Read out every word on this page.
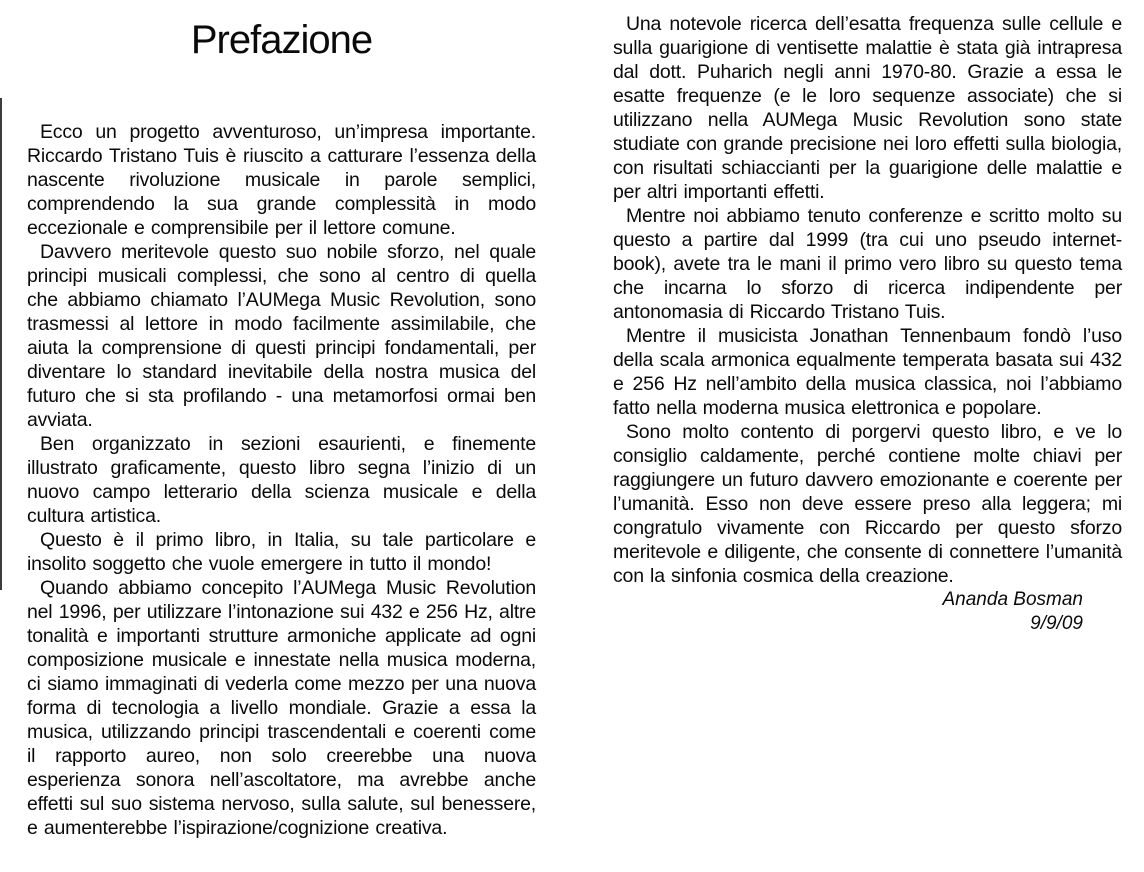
Prefazione

Ecco un progetto avventuroso, un’impresa importante. Riccardo Tristano Tuis è riuscito a catturare l’essenza della nascente rivoluzione musicale in parole semplici, comprendendo la sua grande complessità in modo eccezionale e comprensibile per il lettore comune.

Davvero meritevole questo suo nobile sforzo, nel quale principi musicali complessi, che sono al centro di quella che abbiamo chiamato l’AUMega Music Revolution, sono trasmessi al lettore in modo facilmente assimilabile, che aiuta la comprensione di questi principi fondamentali, per diventare lo standard inevitabile della nostra musica del futuro che si sta profilando - una metamorfosi ormai ben avviata.

Ben organizzato in sezioni esaurienti, e finemente illustrato graficamente, questo libro segna l’inizio di un nuovo campo letterario della scienza musicale e della cultura artistica.

Questo è il primo libro, in Italia, su tale particolare e insolito soggetto che vuole emergere in tutto il mondo!

Quando abbiamo concepito l’AUMega Music Revolution nel 1996, per utilizzare l’intonazione sui 432 e 256 Hz, altre tonalità e importanti strutture armoniche applicate ad ogni composizione musicale e innestate nella musica moderna, ci siamo immaginati di vederla come mezzo per una nuova forma di tecnologia a livello mondiale. Grazie a essa la musica, utilizzando principi trascendentali e coerenti come il rapporto aureo, non solo creerebbe una nuova esperienza sonora nell’ascoltatore, ma avrebbe anche effetti sul suo sistema nervoso, sulla salute, sul benessere, e aumenterebbe l’ispirazione/cognizione creativa.

Una notevole ricerca dell’esatta frequenza sulle cellule e sulla guarigione di ventisette malattie è stata già intrapresa dal dott. Puharich negli anni 1970-80. Grazie a essa le esatte frequenze (e le loro sequenze associate) che si utilizzano nella AUMega Music Revolution sono state studiate con grande precisione nei loro effetti sulla biologia, con risultati schiaccianti per la guarigione delle malattie e per altri importanti effetti.

Mentre noi abbiamo tenuto conferenze e scritto molto su questo a partire dal 1999 (tra cui uno pseudo internet-book), avete tra le mani il primo vero libro su questo tema che incarna lo sforzo di ricerca indipendente per antonomasia di Riccardo Tristano Tuis.

Mentre il musicista Jonathan Tennenbaum fondò l’uso della scala armonica equalmente temperata basata sui 432 e 256 Hz nell’ambito della musica classica, noi l’abbiamo fatto nella moderna musica elettronica e popolare.

Sono molto contento di porgervi questo libro, e ve lo consiglio caldamente, perché contiene molte chiavi per raggiungere un futuro davvero emozionante e coerente per l’umanità. Esso non deve essere preso alla leggera; mi congratulo vivamente con Riccardo per questo sforzo meritevole e diligente, che consente di connettere l’umanità con la sinfonia cosmica della creazione.

Ananda Bosman
9/9/09
